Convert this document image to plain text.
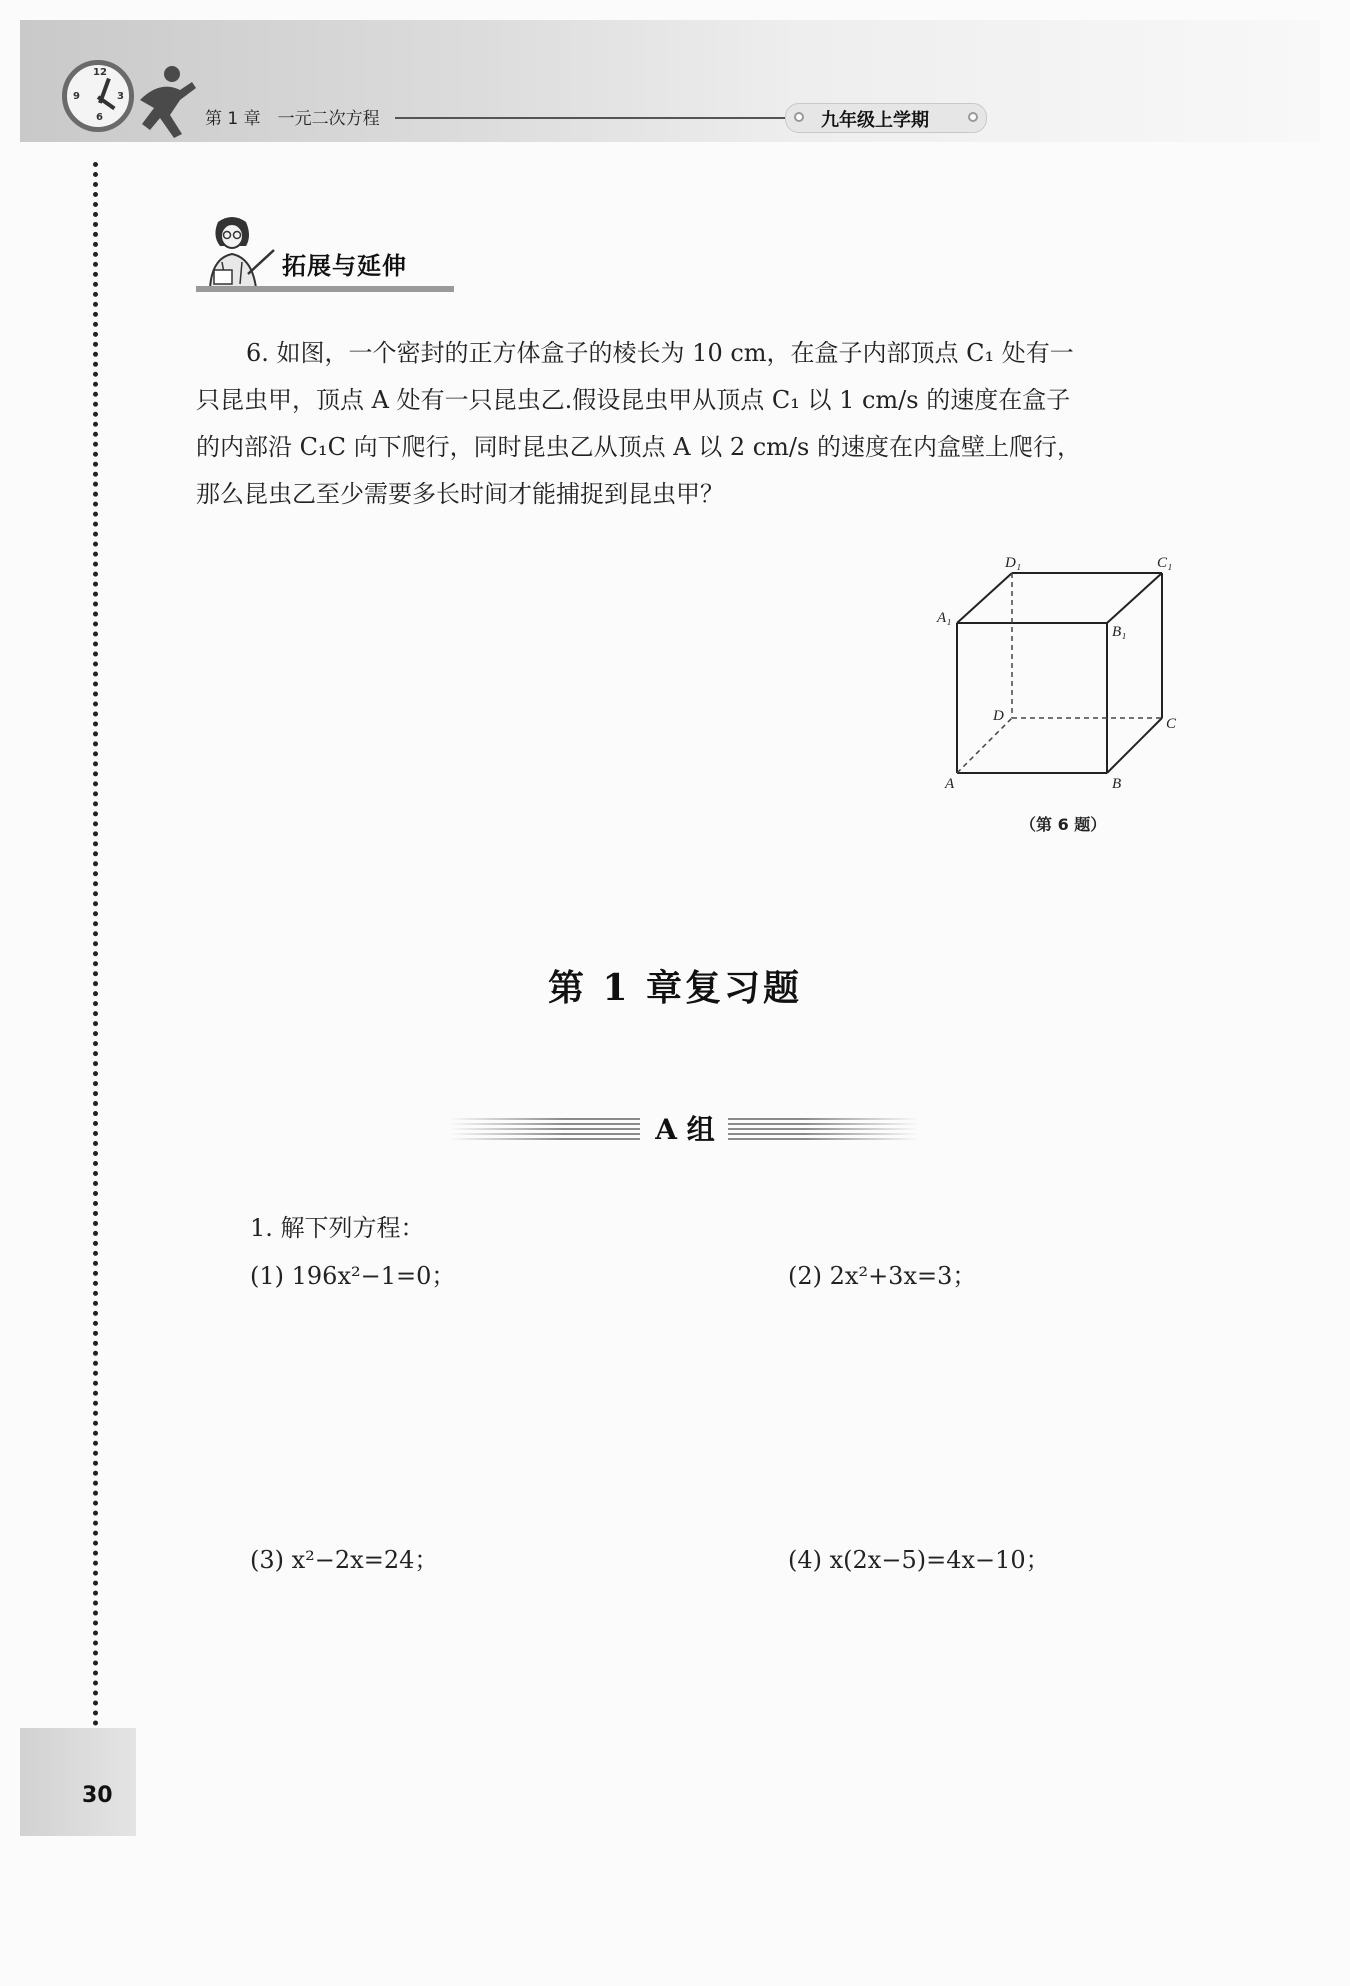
12
3
6
9
第 1 章　一元二次方程	九年级上学期
拓展与延伸

6. 如图，一个密封的正方体盒子的棱长为 10 cm，在盒子内部顶点 C₁ 处有一

只昆虫甲，顶点 A 处有一只昆虫乙.假设昆虫甲从顶点 C₁ 以 1 cm/s 的速度在盒子

的内部沿 C₁C 向下爬行，同时昆虫乙从顶点 A 以 2 cm/s 的速度在内盒壁上爬行，

那么昆虫乙至少需要多长时间才能捕捉到昆虫甲？

D₁	C₁
A₁
B₁
D	C
A	B
（第 6 题）
第 1 章复习题
A 组
1. 解下列方程：
(1) 196x²−1=0；	(2) 2x²+3x=3；
(3) x²−2x=24；	(4) x(2x−5)=4x−10；
30
